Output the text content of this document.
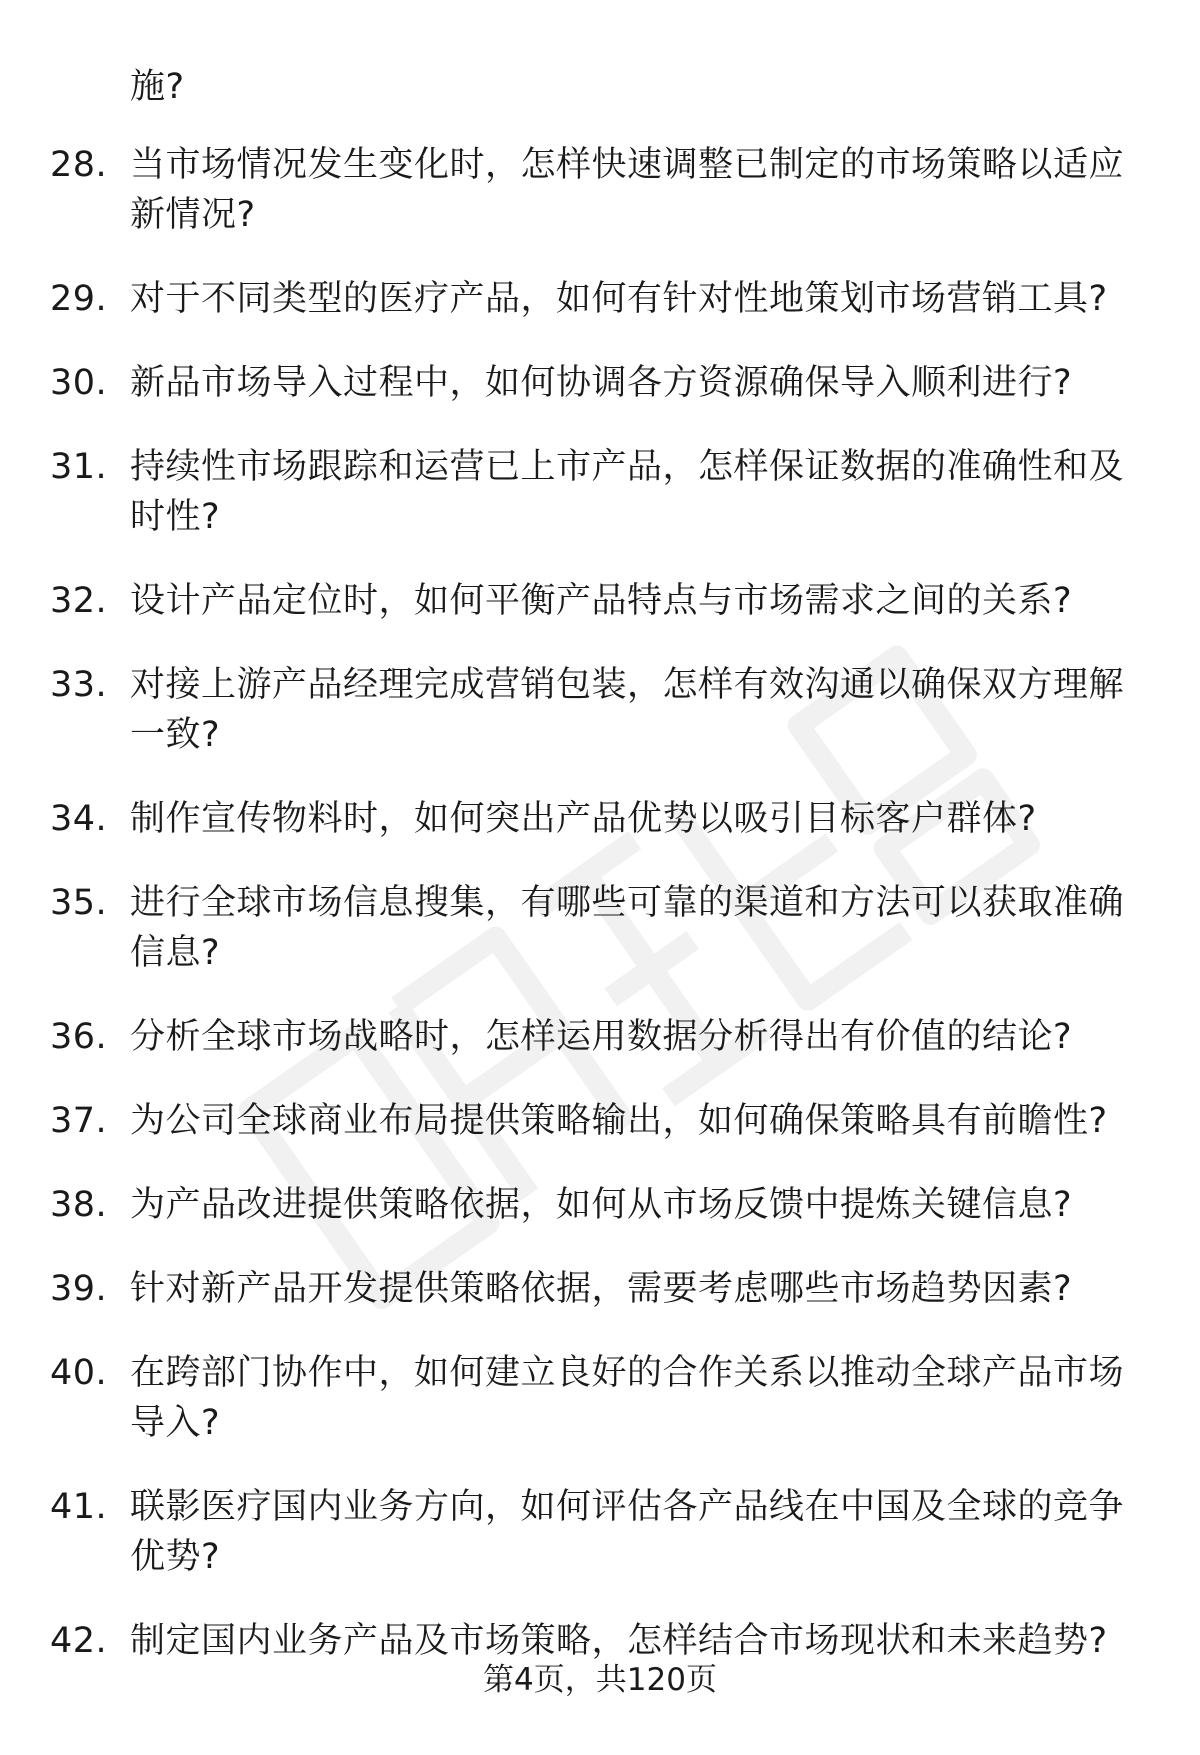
施?
28. 当市场情况发生变化时，怎样快速调整已制定的市场策略以适应新情况?
29. 对于不同类型的医疗产品，如何有针对性地策划市场营销工具?
30. 新品市场导入过程中，如何协调各方资源确保导入顺利进行?
31. 持续性市场跟踪和运营已上市产品，怎样保证数据的准确性和及时性?
32. 设计产品定位时，如何平衡产品特点与市场需求之间的关系?
33. 对接上游产品经理完成营销包装，怎样有效沟通以确保双方理解一致?
34. 制作宣传物料时，如何突出产品优势以吸引目标客户群体?
35. 进行全球市场信息搜集，有哪些可靠的渠道和方法可以获取准确信息?
36. 分析全球市场战略时，怎样运用数据分析得出有价值的结论?
37. 为公司全球商业布局提供策略输出，如何确保策略具有前瞻性?
38. 为产品改进提供策略依据，如何从市场反馈中提炼关键信息?
39. 针对新产品开发提供策略依据，需要考虑哪些市场趋势因素?
40. 在跨部门协作中，如何建立良好的合作关系以推动全球产品市场导入?
41. 联影医疗国内业务方向，如何评估各产品线在中国及全球的竞争优势?
42. 制定国内业务产品及市场策略，怎样结合市场现状和未来趋势?
第4页，共120页
